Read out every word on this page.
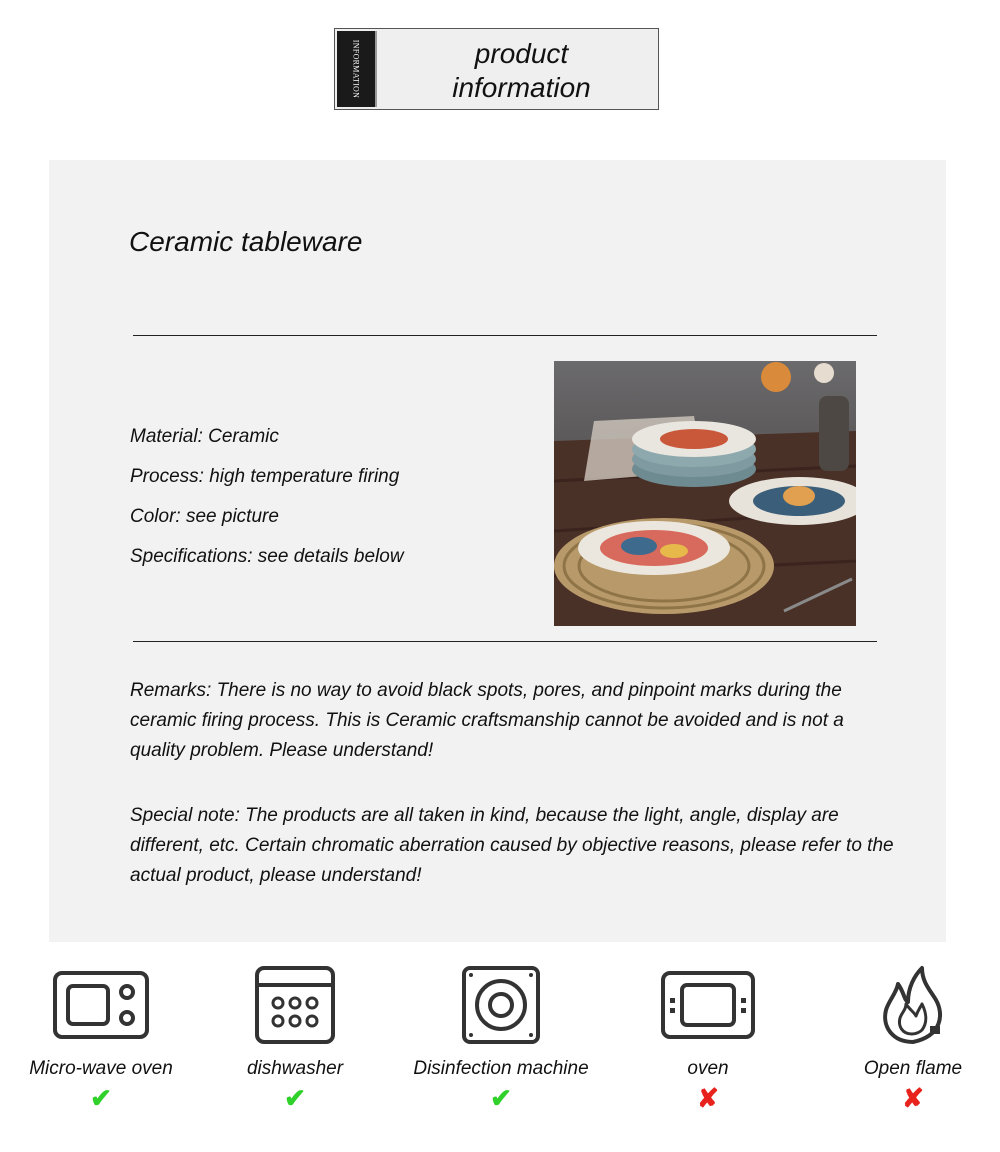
INFORMATION	product
information
Ceramic tableware
Material: Ceramic
Process: high temperature firing
Color: see picture
Specifications: see details below
Remarks: There is no way to avoid black spots, pores, and pinpoint marks during the ceramic firing process. This is Ceramic craftsmanship cannot be avoided and is not a quality problem. Please understand!
Special note: The products are all taken in kind, because the light, angle, display are different, etc. Certain chromatic aberration caused by objective reasons, please refer to the actual product, please understand!
Micro-wave oven
✔
dishwasher
✔
Disinfection machine
✔
oven
✘
Open flame
✘
